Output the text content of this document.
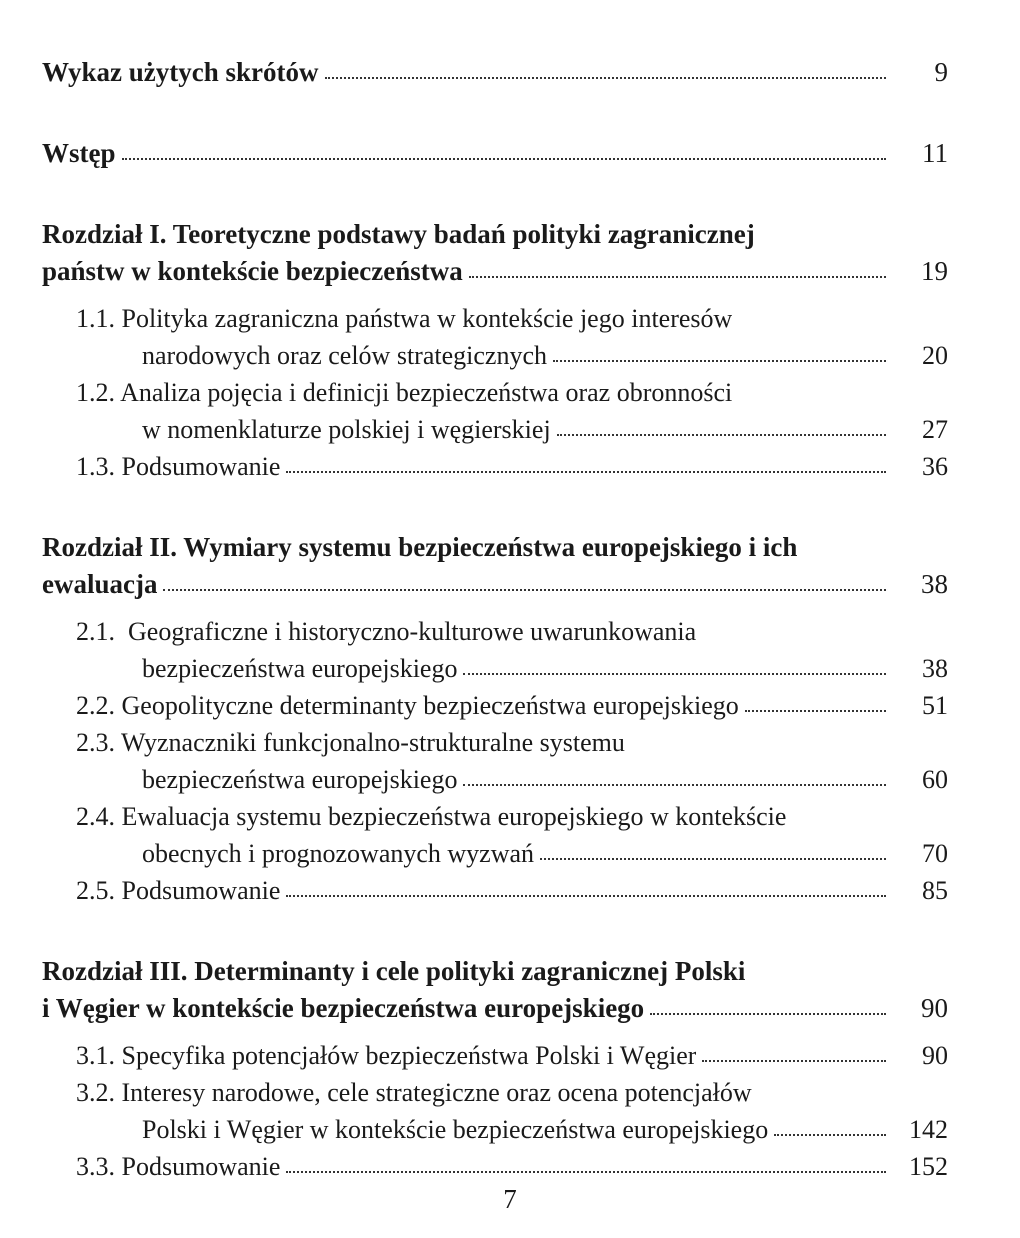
Wykaz użytych skrótów	9
Wstęp	11
Rozdział I. Teoretyczne podstawy badań polityki zagranicznej
państw w kontekście bezpieczeństwa	19
1.1. Polityka zagraniczna państwa w kontekście jego interesów
narodowych oraz celów strategicznych	20
1.2. Analiza pojęcia i definicji bezpieczeństwa oraz obronności
w nomenklaturze polskiej i węgierskiej	27
1.3. Podsumowanie	36
Rozdział II. Wymiary systemu bezpieczeństwa europejskiego i ich
ewaluacja	38
2.1. Geograficzne i historyczno-kulturowe uwarunkowania
bezpieczeństwa europejskiego	38
2.2. Geopolityczne determinanty bezpieczeństwa europejskiego	51
2.3. Wyznaczniki funkcjonalno-strukturalne systemu
bezpieczeństwa europejskiego	60
2.4. Ewaluacja systemu bezpieczeństwa europejskiego w kontekście
obecnych i prognozowanych wyzwań	70
2.5. Podsumowanie	85
Rozdział III. Determinanty i cele polityki zagranicznej Polski
i Węgier w kontekście bezpieczeństwa europejskiego	90
3.1. Specyfika potencjałów bezpieczeństwa Polski i Węgier	90
3.2. Interesy narodowe, cele strategiczne oraz ocena potencjałów
Polski i Węgier w kontekście bezpieczeństwa europejskiego	142
3.3. Podsumowanie	152
7
